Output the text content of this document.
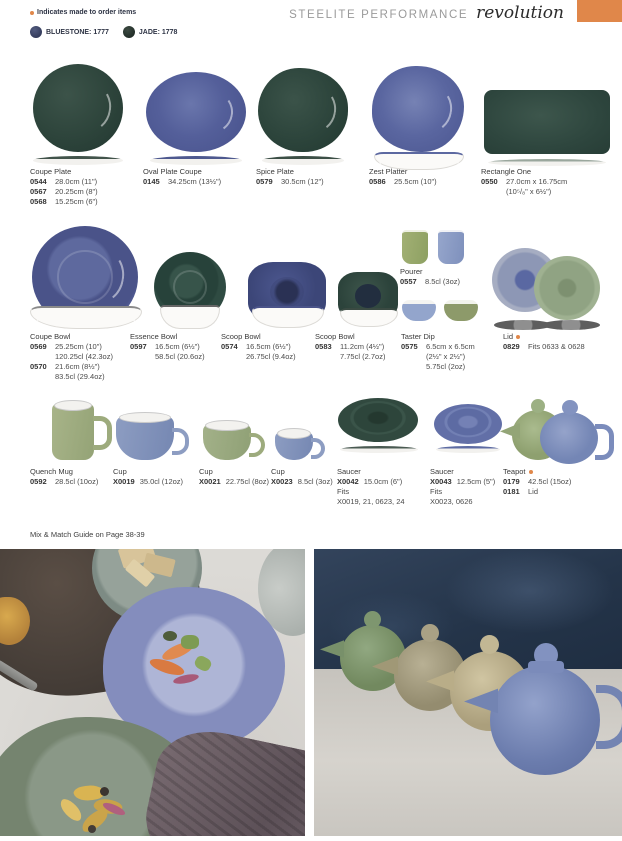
STEELITE PERFORMANCE revolution
Indicates made to order items
BLUESTONE: 1777	JADE: 1778
Coupe Plate
0544	28.0cm (11")
0567	20.25cm (8")
0568	15.25cm (6")
Oval Plate Coupe
0145	34.25cm (13½")
Spice Plate
0579	30.5cm (12")
Zest Platter
0586	25.5cm (10")
Rectangle One
0550	27.0cm x 16.75cm
(10⁵/₈" x 6½")
Coupe Bowl
0569	25.25cm (10")
120.25cl (42.3oz)
0570	21.6cm (8½")
83.5cl (29.4oz)
Essence Bowl
0597	16.5cm (6½")
58.5cl (20.6oz)
Scoop Bowl
0574	16.5cm (6½")
26.75cl (9.4oz)
Scoop Bowl
0583	11.2cm (4½")
7.75cl (2.7oz)
Pourer
0557	8.5cl (3oz)
Taster Dip
0575	6.5cm x 6.5cm
(2½" x 2½")
5.75cl (2oz)
Lid
0829	Fits 0633 & 0628
Quench Mug
0592	28.5cl (10oz)
Cup
X0019 35.0cl (12oz)
Cup
X0021 22.75cl (8oz)
Cup
X0023 8.5cl (3oz)
Saucer
X0042 15.0cm (6")
Fits
X0019, 21, 0623, 24
Saucer
X0043 12.5cm (5")
Fits
X0023, 0626
Teapot
0179	42.5cl (15oz)
0181	Lid
Mix & Match Guide on Page 38-39
